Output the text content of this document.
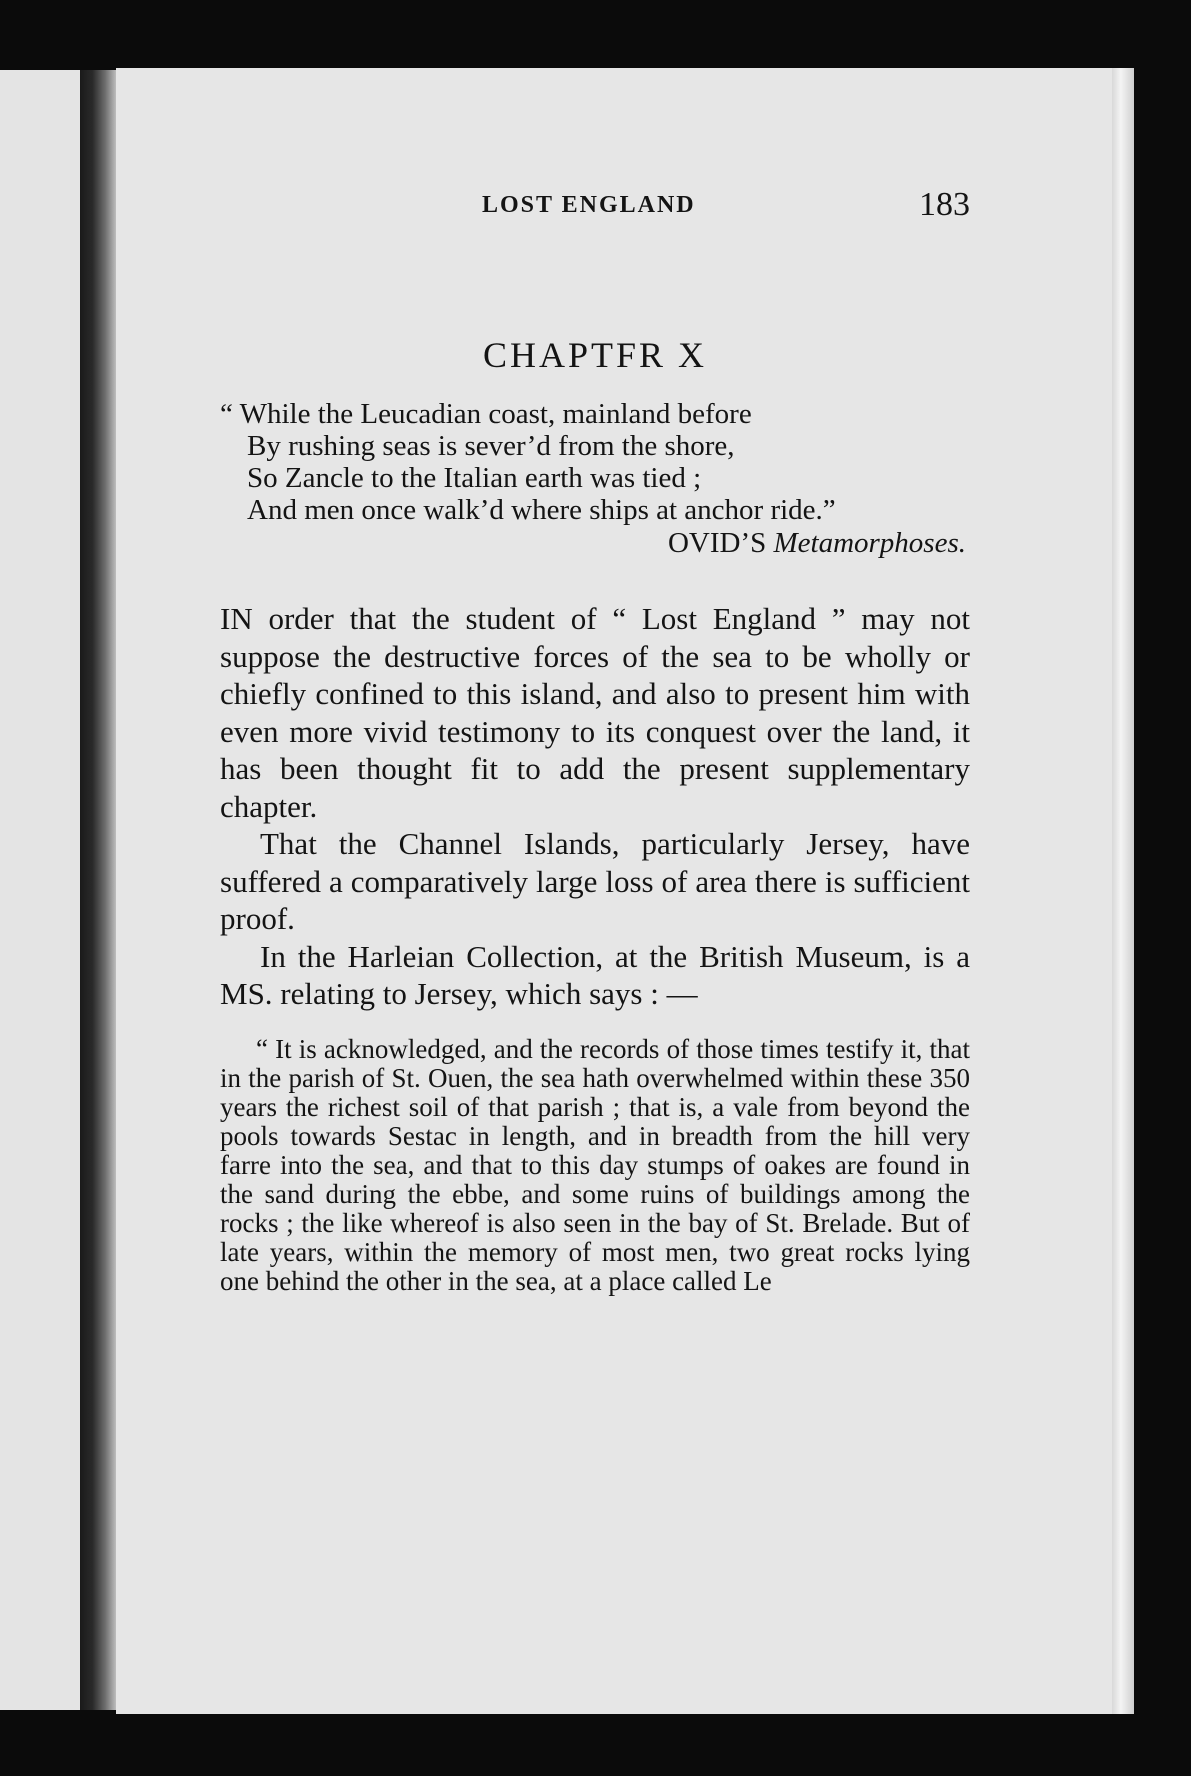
LOST ENGLAND	183
CHAPTFR X
“ While the Leucadian coast, mainland before
By rushing seas is sever’d from the shore,
So Zancle to the Italian earth was tied ;
And men once walk’d where ships at anchor ride.”
OVID’S Metamorphoses.

IN order that the student of “ Lost England ” may not suppose the destructive forces of the sea to be wholly or chiefly confined to this island, and also to present him with even more vivid testimony to its conquest over the land, it has been thought fit to add the present supplementary chapter.

That the Channel Islands, particularly Jersey, have suffered a comparatively large loss of area there is sufficient proof.

In the Harleian Collection, at the British Museum, is a MS. relating to Jersey, which says : —

“ It is acknowledged, and the records of those times testify it, that in the parish of St. Ouen, the sea hath overwhelmed within these 350 years the richest soil of that parish ; that is, a vale from beyond the pools towards Sestac in length, and in breadth from the hill very farre into the sea, and that to this day stumps of oakes are found in the sand during the ebbe, and some ruins of buildings among the rocks ; the like whereof is also seen in the bay of St. Brelade. But of late years, within the memory of most men, two great rocks lying one behind the other in the sea, at a place called Le
